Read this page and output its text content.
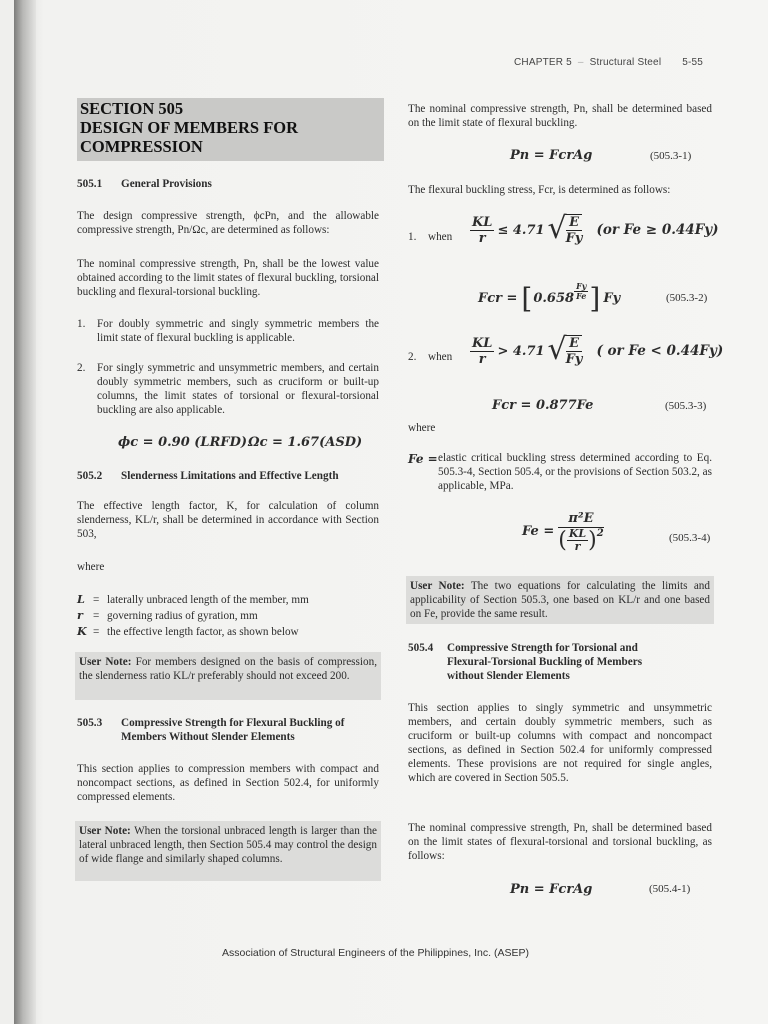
CHAPTER 5 – Structural Steel 5-55
SECTION 505
DESIGN OF MEMBERS FOR
COMPRESSION
505.1 General Provisions
The design compressive strength, ϕcPn, and the allowable compressive strength, Pn/Ωc, are determined as follows:
The nominal compressive strength, Pn, shall be the lowest value obtained according to the limit states of flexural buckling, torsional buckling and flexural-torsional buckling.
1. For doubly symmetric and singly symmetric members the limit state of flexural buckling is applicable.
2. For singly symmetric and unsymmetric members, and certain doubly symmetric members, such as cruciform or built-up columns, the limit states of torsional or flexural-torsional buckling are also applicable.
ϕc = 0.90 (LRFD) Ωc = 1.67(ASD)
505.2 Slenderness Limitations and Effective Length
The effective length factor, K, for calculation of column slenderness, KL/r, shall be determined in accordance with Section 503,
where
L = laterally unbraced length of the member, mm
r = governing radius of gyration, mm
K = the effective length factor, as shown below
User Note: For members designed on the basis of compression, the slenderness ratio KL/r preferably should not exceed 200.
505.3 Compressive Strength for Flexural Buckling of
Members Without Slender Elements
This section applies to compression members with compact and noncompact sections, as defined in Section 502.4, for uniformly compressed elements.
User Note: When the torsional unbraced length is larger than the lateral unbraced length, then Section 505.4 may control the design of wide flange and similarly shaped columns.
The nominal compressive strength, Pn, shall be determined based on the limit state of flexural buckling.
Pn = FcrAg	(505.3-1)
The flexural buckling stress, Fcr, is determined as follows:
1. when $\frac{KL}{r} \le 4.71$ √ $\frac{E}{Fy} (or$ Fe ≥ 0.44Fy)
Fcr = [ $0.658 \frac{Fy}{Fe}$ ] Fy	(505.3-2)
2. when $\frac{KL}{r} > 4.71$ √ $\frac{E}{Fy}$ ( or Fe < 0.44Fy)
Fcr = 0.877Fe	(505.3-3)
where
Fe = elastic critical buckling stress determined according to Eq. 505.3-4, Section 505.4, or the provisions of Section 503.2, as applicable, MPa.
$Fe = \frac{\text{π²E}}{( \frac{KL}{r} ) 2}$	(505.3-4)
User Note: The two equations for calculating the limits and applicability of Section 505.3, one based on KL/r and one based on Fe, provide the same result.
505.4 Compressive Strength for Torsional and
Flexural-Torsional Buckling of Members
without Slender Elements
This section applies to singly symmetric and unsymmetric members, and certain doubly symmetric members, such as cruciform or built-up columns with compact and noncompact sections, as defined in Section 502.4 for uniformly compressed elements. These provisions are not required for single angles, which are covered in Section 505.5.
The nominal compressive strength, Pn, shall be determined based on the limit states of flexural-torsional and torsional buckling, as follows:
Pn = FcrAg	(505.4-1)
Association of Structural Engineers of the Philippines, Inc. (ASEP)
